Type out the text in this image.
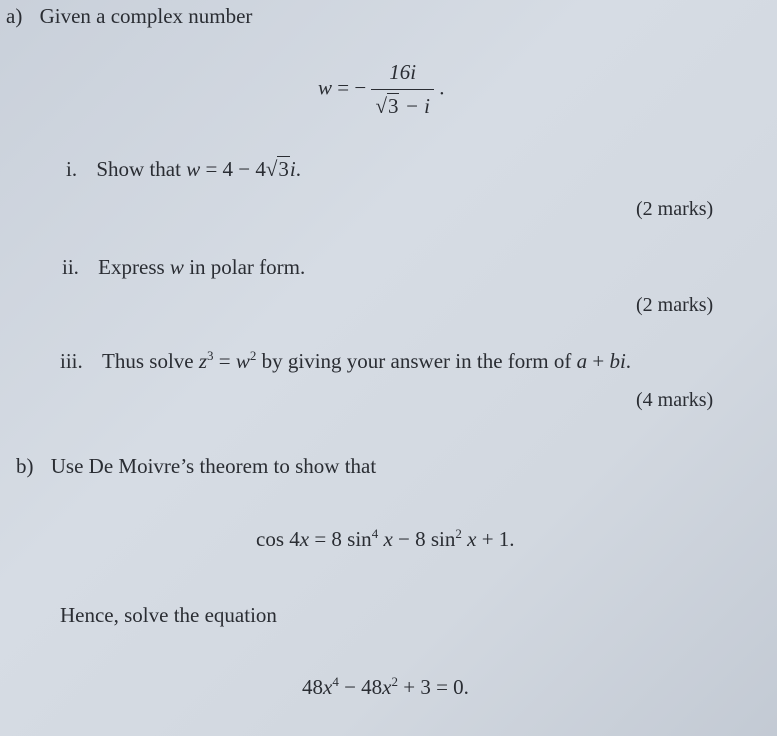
a) Given a complex number
w = − $\frac{16i}{√3 - i}$ .
i. Show that w = 4 − 4√3i.
(2 marks)
ii. Express w in polar form.
(2 marks)
iii. Thus solve $z^3 = w^2$ by giving your answer in the form of a + bi.
(4 marks)
b) Use De Moivre’s theorem to show that
cos 4x = 8 $\sin^4 x - 8$ $\sin^2 x + 1$.
Hence, solve the equation
$48x^4 - 48x^2 + 3 = 0$.
